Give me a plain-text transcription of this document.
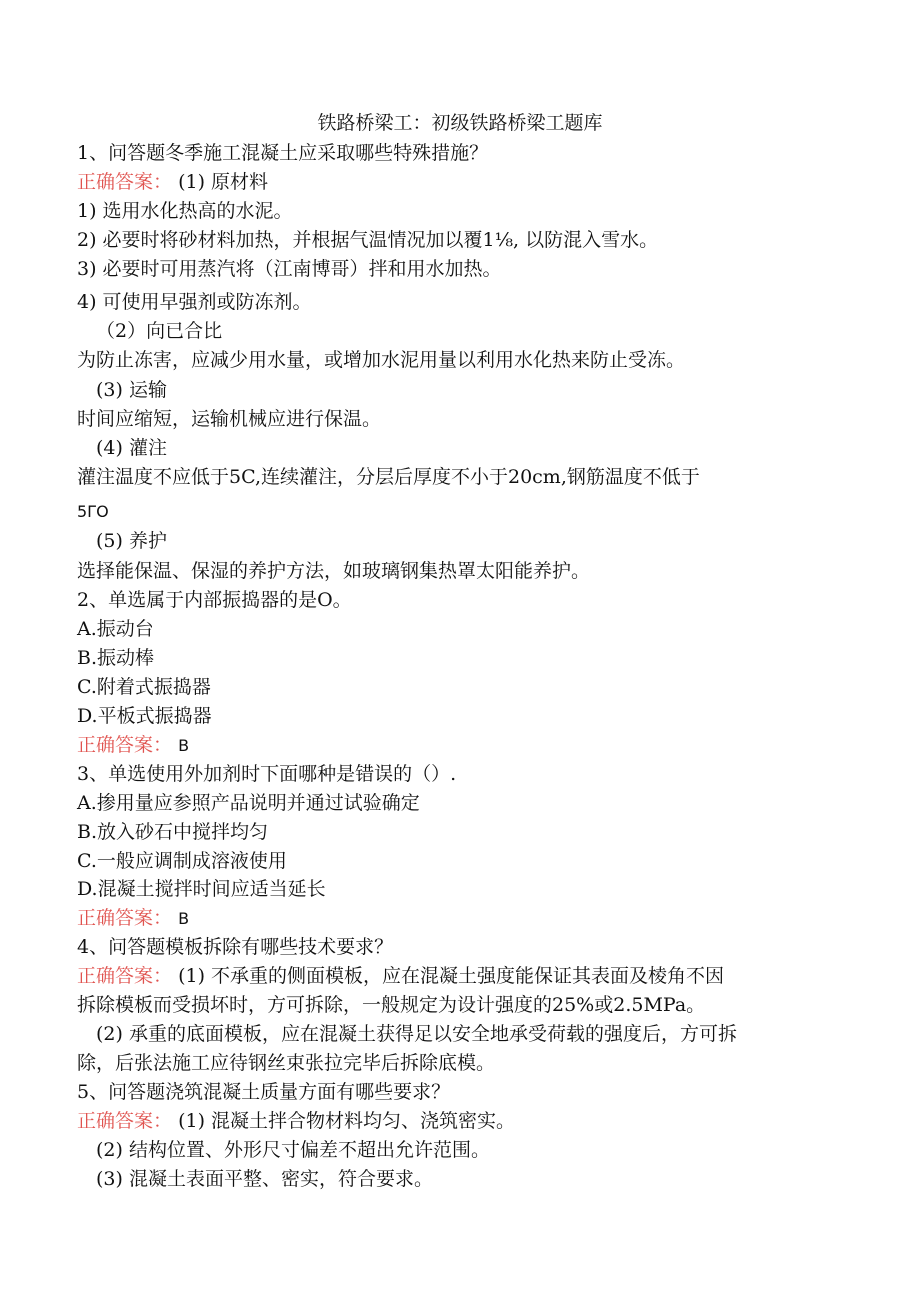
铁路桥梁工：初级铁路桥梁工题库
1、问答题冬季施工混凝土应采取哪些特殊措施？
正确答案： (1) 原材料
1) 选用水化热高的水泥。
2) 必要时将砂材料加热，并根据气温情况加以覆1⅛, 以防混入雪水。
3) 必要时可用蒸汽将（江南博哥）拌和用水加热。
4) 可使用早强剂或防冻剂。
（2）向已合比
为防止冻害，应减少用水量，或增加水泥用量以利用水化热来防止受冻。
(3) 运输
时间应缩短，运输机械应进行保温。
(4) 灌注
灌注温度不应低于5C,连续灌注，分层后厚度不小于20cm,钢筋温度不低于
5ΓO
(5) 养护
选择能保温、保湿的养护方法，如玻璃钢集热罩太阳能养护。
2、单选属于内部振捣器的是O。
A.振动台
B.振动棒
C.附着式振捣器
D.平板式振捣器
正确答案： B
3、单选使用外加剂时下面哪种是错误的（）.
A.掺用量应参照产品说明并通过试验确定
B.放入砂石中搅拌均匀
C.一般应调制成溶液使用
D.混凝土搅拌时间应适当延长
正确答案： B
4、问答题模板拆除有哪些技术要求？
正确答案： (1) 不承重的侧面模板，应在混凝土强度能保证其表面及棱角不因
拆除模板而受损坏时，方可拆除，一般规定为设计强度的25%或2.5MPa。
(2) 承重的底面模板，应在混凝土获得足以安全地承受荷载的强度后，方可拆
除，后张法施工应待钢丝束张拉完毕后拆除底模。
5、问答题浇筑混凝土质量方面有哪些要求？
正确答案： (1) 混凝土拌合物材料均匀、浇筑密实。
(2) 结构位置、外形尺寸偏差不超出允许范围。
(3) 混凝土表面平整、密实，符合要求。
